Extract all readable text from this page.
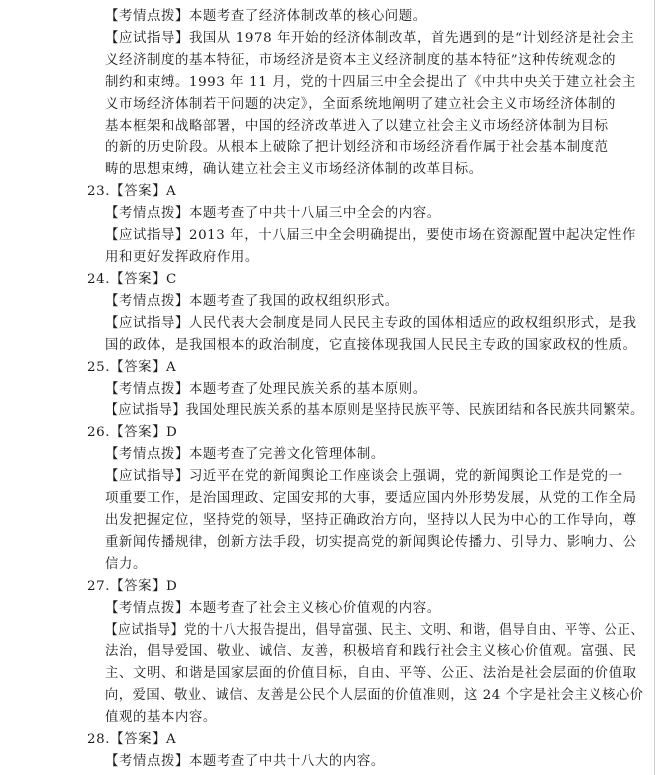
【考情点拨】本题考查了经济体制改革的核心问题。
【应试指导】我国从 1978 年开始的经济体制改革，首先遇到的是“计划经济是社会主
义经济制度的基本特征，市场经济是资本主义经济制度的基本特征”这种传统观念的
制约和束缚。1993 年 11 月，党的十四届三中全会提出了《中共中央关于建立社会主
义市场经济体制若干问题的决定》，全面系统地阐明了建立社会主义市场经济体制的
基本框架和战略部署，中国的经济改革进入了以建立社会主义市场经济体制为目标
的新的历史阶段。从根本上破除了把计划经济和市场经济看作属于社会基本制度范
畴的思想束缚，确认建立社会主义市场经济体制的改革目标。
23.【答案】A
【考情点拨】本题考查了中共十八届三中全会的内容。
【应试指导】2013 年，十八届三中全会明确提出，要使市场在资源配置中起决定性作
用和更好发挥政府作用。
24.【答案】C
【考情点拨】本题考查了我国的政权组织形式。
【应试指导】人民代表大会制度是同人民民主专政的国体相适应的政权组织形式，是我
国的政体，是我国根本的政治制度，它直接体现我国人民民主专政的国家政权的性质。
25.【答案】A
【考情点拨】本题考查了处理民族关系的基本原则。
【应试指导】我国处理民族关系的基本原则是坚持民族平等、民族团结和各民族共同繁荣。
26.【答案】D
【考情点拨】本题考查了完善文化管理体制。
【应试指导】习近平在党的新闻舆论工作座谈会上强调，党的新闻舆论工作是党的一
项重要工作，是治国理政、定国安邦的大事，要适应国内外形势发展，从党的工作全局
出发把握定位，坚持党的领导，坚持正确政治方向，坚持以人民为中心的工作导向，尊
重新闻传播规律，创新方法手段，切实提高党的新闻舆论传播力、引导力、影响力、公
信力。
27.【答案】D
【考情点拨】本题考查了社会主义核心价值观的内容。
【应试指导】党的十八大报告提出，倡导富强、民主、文明、和谐，倡导自由、平等、公正、
法治，倡导爱国、敬业、诚信、友善，积极培育和践行社会主义核心价值观。富强、民
主、文明、和谐是国家层面的价值目标，自由、平等、公正、法治是社会层面的价值取
向，爱国、敬业、诚信、友善是公民个人层面的价值准则，这 24 个字是社会主义核心价
值观的基本内容。
28.【答案】A
【考情点拨】本题考查了中共十八大的内容。
